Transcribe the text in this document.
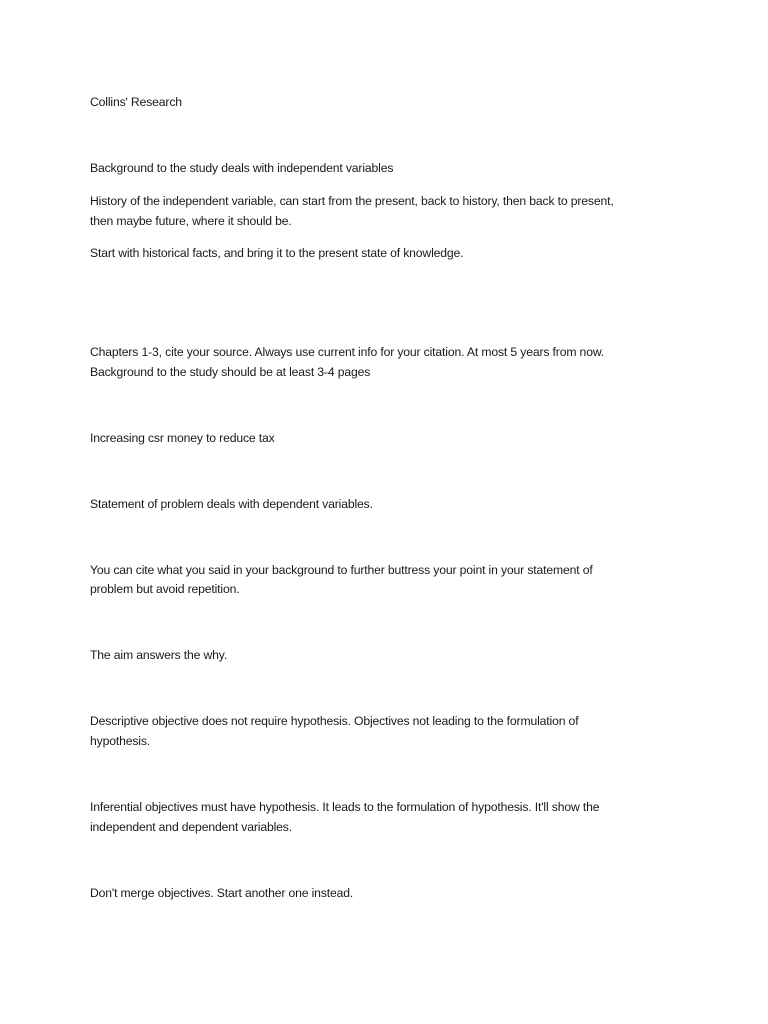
Collins' Research

Background to the study deals with independent variables

History of the independent variable, can start from the present, back to history, then back to present,

then maybe future, where it should be.

Start with historical facts, and bring it to the present state of knowledge.

Chapters 1-3, cite your source. Always use current info for your citation. At most 5 years from now.

Background to the study should be at least 3-4 pages

Increasing csr money to reduce tax

Statement of problem deals with dependent variables.

You can cite what you said in your background to further buttress your point in your statement of

problem but avoid repetition.

The aim answers the why.

Descriptive objective does not require hypothesis. Objectives not leading to the formulation of

hypothesis.

Inferential objectives must have hypothesis. It leads to the formulation of hypothesis. It'll show the

independent and dependent variables.

Don't merge objectives. Start another one instead.
